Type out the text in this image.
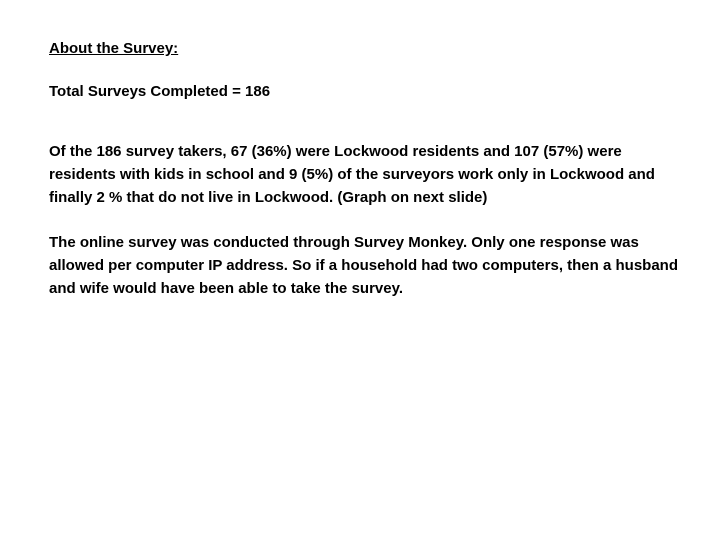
About the Survey:

Total Surveys Completed = 186

Of the 186 survey takers, 67 (36%) were Lockwood residents and 107 (57%) were residents with kids in school and 9 (5%) of the surveyors work only in Lockwood and finally 2 % that do not live in Lockwood. (Graph on next slide)

The online survey was conducted through Survey Monkey. Only one response was allowed per computer IP address. So if a household had two computers, then a husband and wife would have been able to take the survey.
